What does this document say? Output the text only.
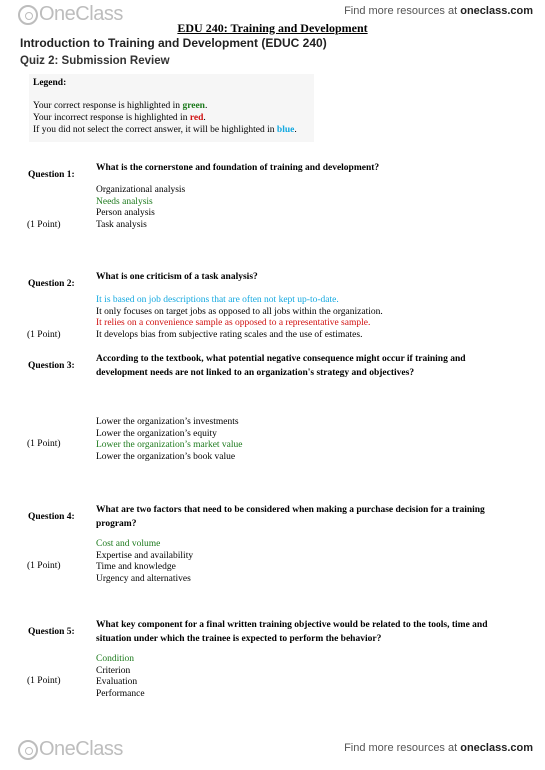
OneClass	Find more resources at oneclass.com
EDU 240: Training and Development
Introduction to Training and Development (EDUC 240)
Quiz 2: Submission Review
Legend:
Your correct response is highlighted in green.
Your incorrect response is highlighted in red.
If you did not select the correct answer, it will be highlighted in blue.
Question 1:
What is the cornerstone and foundation of training and development?
Organizational analysis
Needs analysis
Person analysis
Task analysis
(1 Point)
Question 2:
What is one criticism of a task analysis?
It is based on job descriptions that are often not kept up-to-date.
It only focuses on target jobs as opposed to all jobs within the organization.
It relies on a convenience sample as opposed to a representative sample.
It develops bias from subjective rating scales and the use of estimates.
(1 Point)
Question 3:
According to the textbook, what potential negative consequence might occur if training and development needs are not linked to an organization's strategy and objectives?
Lower the organization’s investments
Lower the organization’s equity
Lower the organization’s market value
Lower the organization’s book value
(1 Point)
Question 4:
What are two factors that need to be considered when making a purchase decision for a training program?
Cost and volume
Expertise and availability
Time and knowledge
Urgency and alternatives
(1 Point)
Question 5:
What key component for a final written training objective would be related to the tools, time and situation under which the trainee is expected to perform the behavior?
Condition
Criterion
Evaluation
Performance
(1 Point)
OneClass	Find more resources at oneclass.com
